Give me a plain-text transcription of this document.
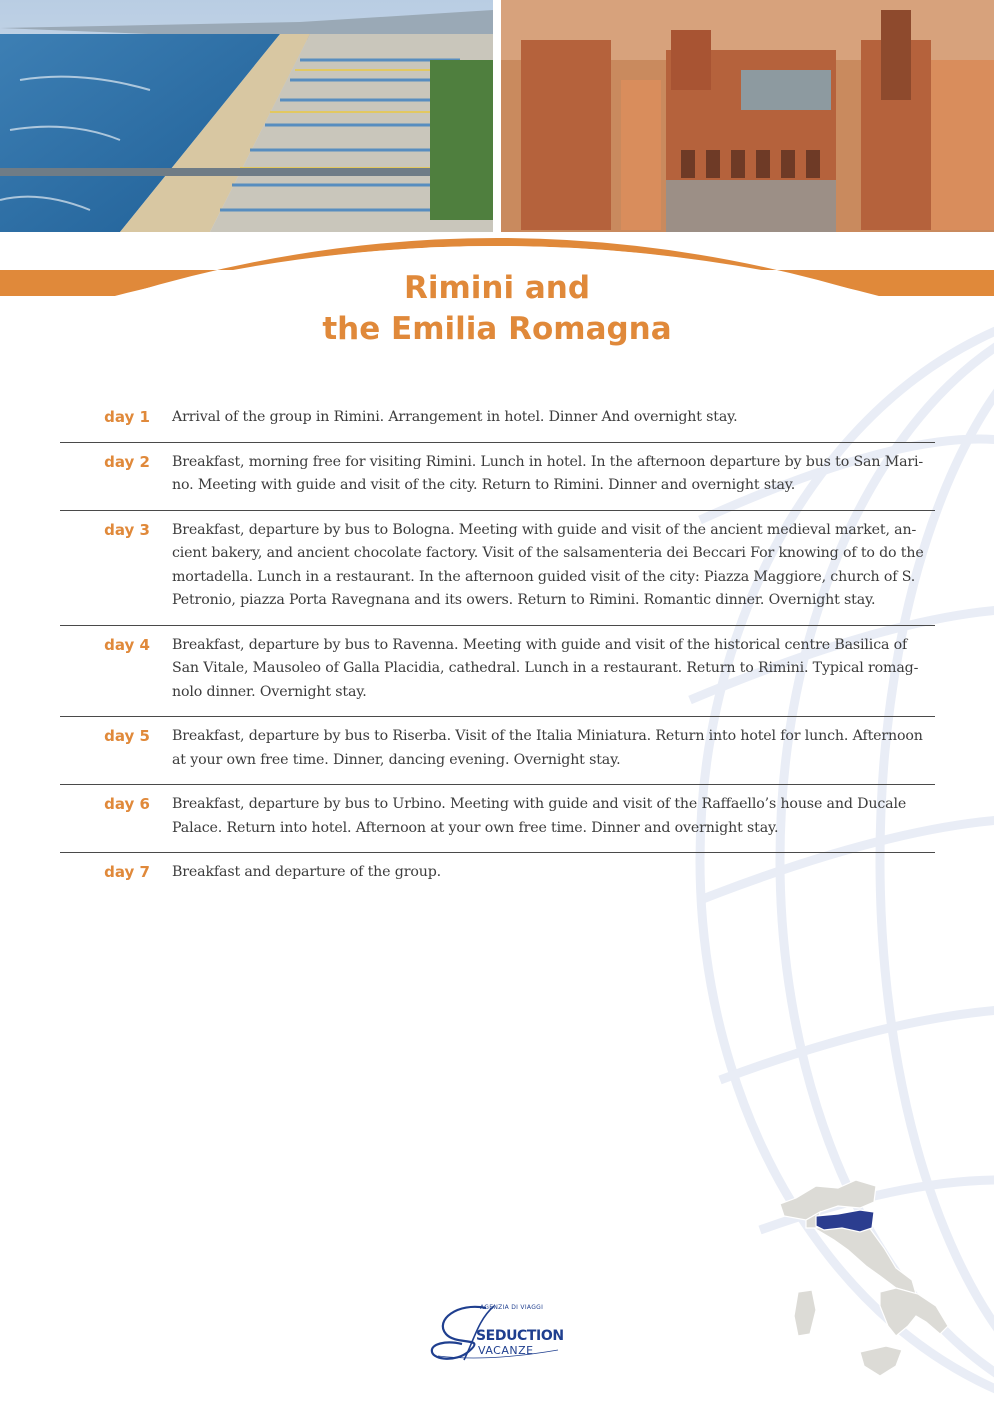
Rimini and
the Emilia Romagna
day 1	Arrival of the group in Rimini. Arrangement in hotel. Dinner And overnight stay.
day 2	Breakfast, morning free for visiting Rimini. Lunch in hotel. In the afternoon departure by bus to San Mari-no. Meeting with guide and visit of the city. Return to Rimini. Dinner and overnight stay.
day 3	Breakfast, departure by bus to Bologna. Meeting with guide and visit of the ancient medieval market, an-cient bakery, and ancient chocolate factory. Visit of the salsamenteria dei Beccari For knowing of to do the mortadella. Lunch in a restaurant. In the afternoon guided visit of the city: Piazza Maggiore, church of S. Petronio, piazza Porta Ravegnana and its owers. Return to Rimini. Romantic dinner. Overnight stay.
day 4	Breakfast, departure by bus to Ravenna. Meeting with guide and visit of the historical centre Basilica of San Vitale, Mausoleo of Galla Placidia, cathedral. Lunch in a restaurant. Return to Rimini. Typical romag-nolo dinner. Overnight stay.
day 5	Breakfast, departure by bus to Riserba. Visit of the Italia Miniatura. Return into hotel for lunch. Afternoon at your own free time. Dinner, dancing evening. Overnight stay.
day 6	Breakfast, departure by bus to Urbino. Meeting with guide and visit of the Raffaello’s house and Ducale Palace. Return into hotel. Afternoon at your own free time. Dinner and overnight stay.
day 7	Breakfast and departure of the group.
AGENZIA DI VIAGGI
SEDUCTION
VACANZE
